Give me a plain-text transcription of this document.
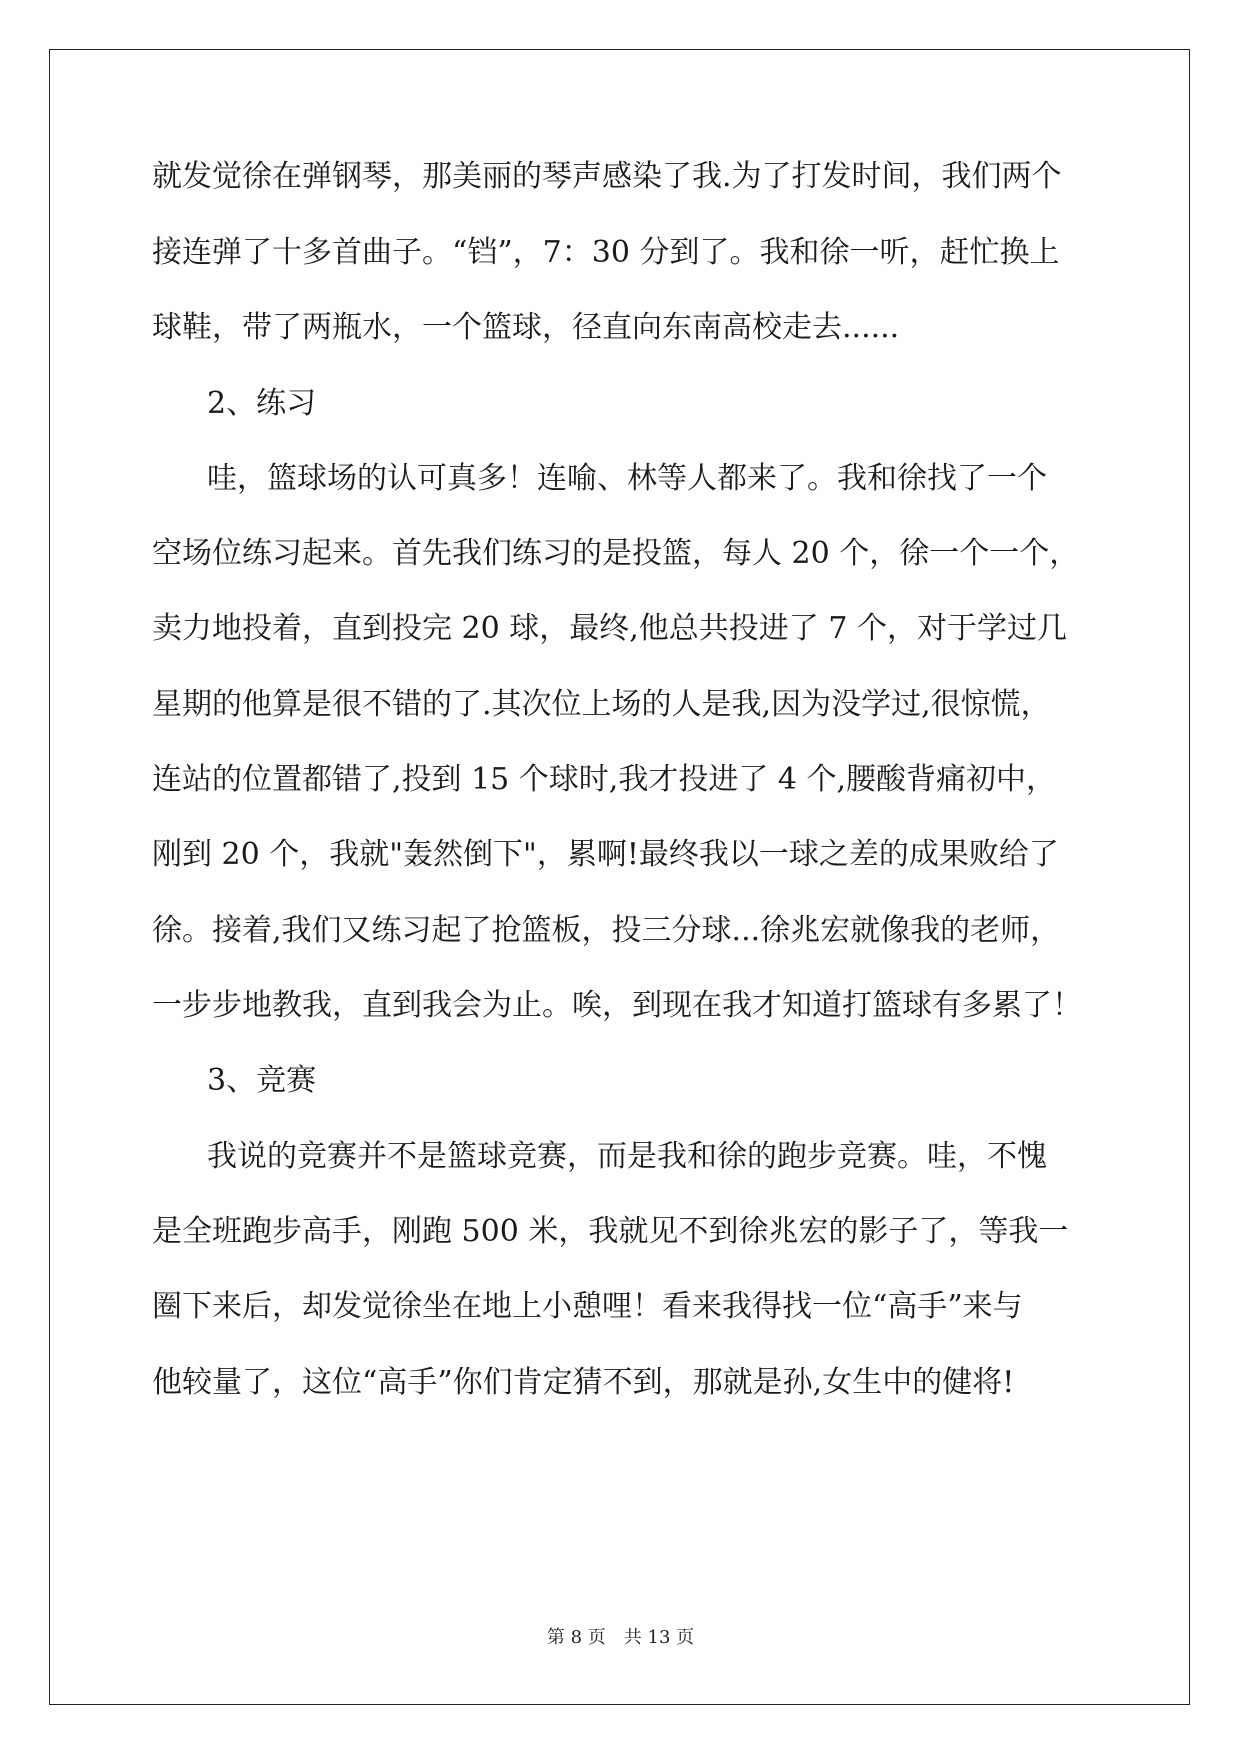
就发觉徐在弹钢琴，那美丽的琴声感染了我.为了打发时间，我们两个

接连弹了十多首曲子。“铛”，7：30 分到了。我和徐一听，赶忙换上

球鞋，带了两瓶水，一个篮球，径直向东南高校走去......

2、练习

哇，篮球场的认可真多！连喻、林等人都来了。我和徐找了一个

空场位练习起来。首先我们练习的是投篮，每人 20 个，徐一个一个，

卖力地投着，直到投完 20 球，最终,他总共投进了 7 个，对于学过几

星期的他算是很不错的了.其次位上场的人是我,因为没学过,很惊慌，

连站的位置都错了,投到 15 个球时,我才投进了 4 个,腰酸背痛初中，

刚到 20 个，我就"轰然倒下"，累啊!最终我以一球之差的成果败给了

徐。接着,我们又练习起了抢篮板，投三分球...徐兆宏就像我的老师，

一步步地教我，直到我会为止。唉，到现在我才知道打篮球有多累了！

3、竞赛

我说的竞赛并不是篮球竞赛，而是我和徐的跑步竞赛。哇，不愧

是全班跑步高手，刚跑 500 米，我就见不到徐兆宏的影子了，等我一

圈下来后，却发觉徐坐在地上小憩哩！看来我得找一位“高手”来与

他较量了，这位“高手”你们肯定猜不到，那就是孙,女生中的健将!

第 8 页　共 13 页
